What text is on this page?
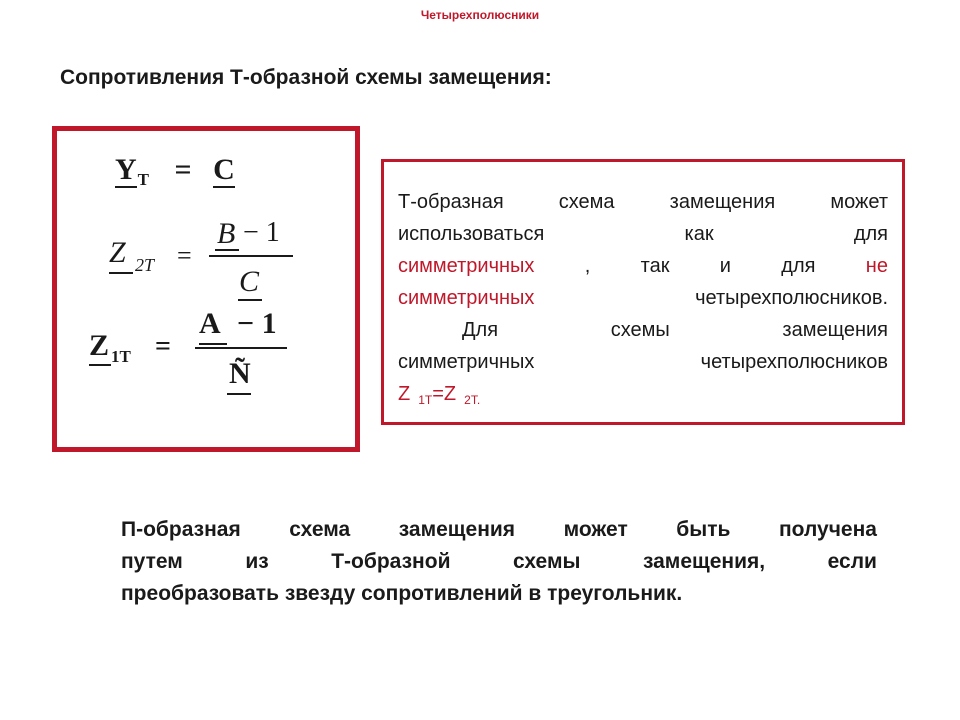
Четырехполюсники
Сопротивления Т-образной схемы замещения:
$Y_T = C$
Z 2T =
B − 1
C
Z 1T =
A − 1
Ñ
Т-образная	схема	замещения	может
использоваться	как	для
симметричных	,	так	и	для	не
симметричных	четырехполюсников.
Для	схемы	замещения
симметричных	четырехполюсников
Z $_{1Т}$=Z $_{2Т.}$
П-образная схема замещения может быть получена
путем	из	Т-образной	схемы	замещения,	если
преобразовать звезду сопротивлений в треугольник.
